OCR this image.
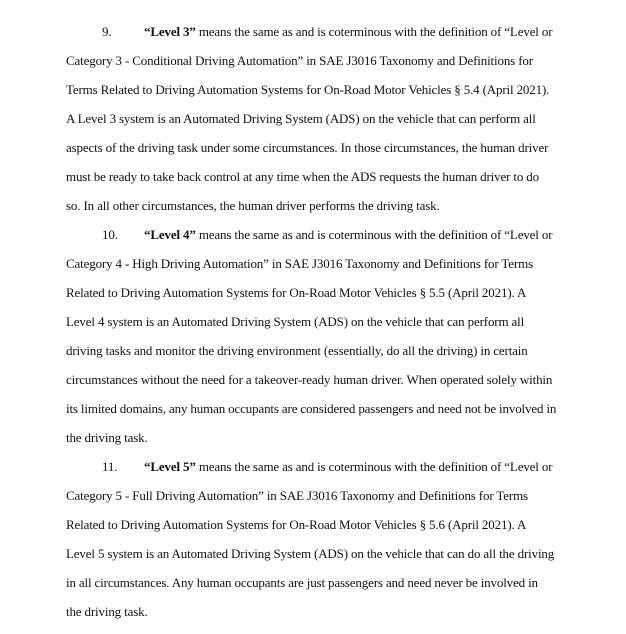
9.	“Level 3” means the same as and is coterminous with the definition of “Level or
Category 3 - Conditional Driving Automation” in SAE J3016 Taxonomy and Definitions for
Terms Related to Driving Automation Systems for On-Road Motor Vehicles § 5.4 (April 2021).
A Level 3 system is an Automated Driving System (ADS) on the vehicle that can perform all
aspects of the driving task under some circumstances. In those circumstances, the human driver
must be ready to take back control at any time when the ADS requests the human driver to do
so. In all other circumstances, the human driver performs the driving task.
10. “Level 4” means the same as and is coterminous with the definition of “Level or
Category 4 - High Driving Automation” in SAE J3016 Taxonomy and Definitions for Terms
Related to Driving Automation Systems for On-Road Motor Vehicles § 5.5 (April 2021). A
Level 4 system is an Automated Driving System (ADS) on the vehicle that can perform all
driving tasks and monitor the driving environment (essentially, do all the driving) in certain
circumstances without the need for a takeover-ready human driver. When operated solely within
its limited domains, any human occupants are considered passengers and need not be involved in
the driving task.
11. “Level 5” means the same as and is coterminous with the definition of “Level or
Category 5 - Full Driving Automation” in SAE J3016 Taxonomy and Definitions for Terms
Related to Driving Automation Systems for On-Road Motor Vehicles § 5.6 (April 2021). A
Level 5 system is an Automated Driving System (ADS) on the vehicle that can do all the driving
in all circumstances. Any human occupants are just passengers and need never be involved in
the driving task.
